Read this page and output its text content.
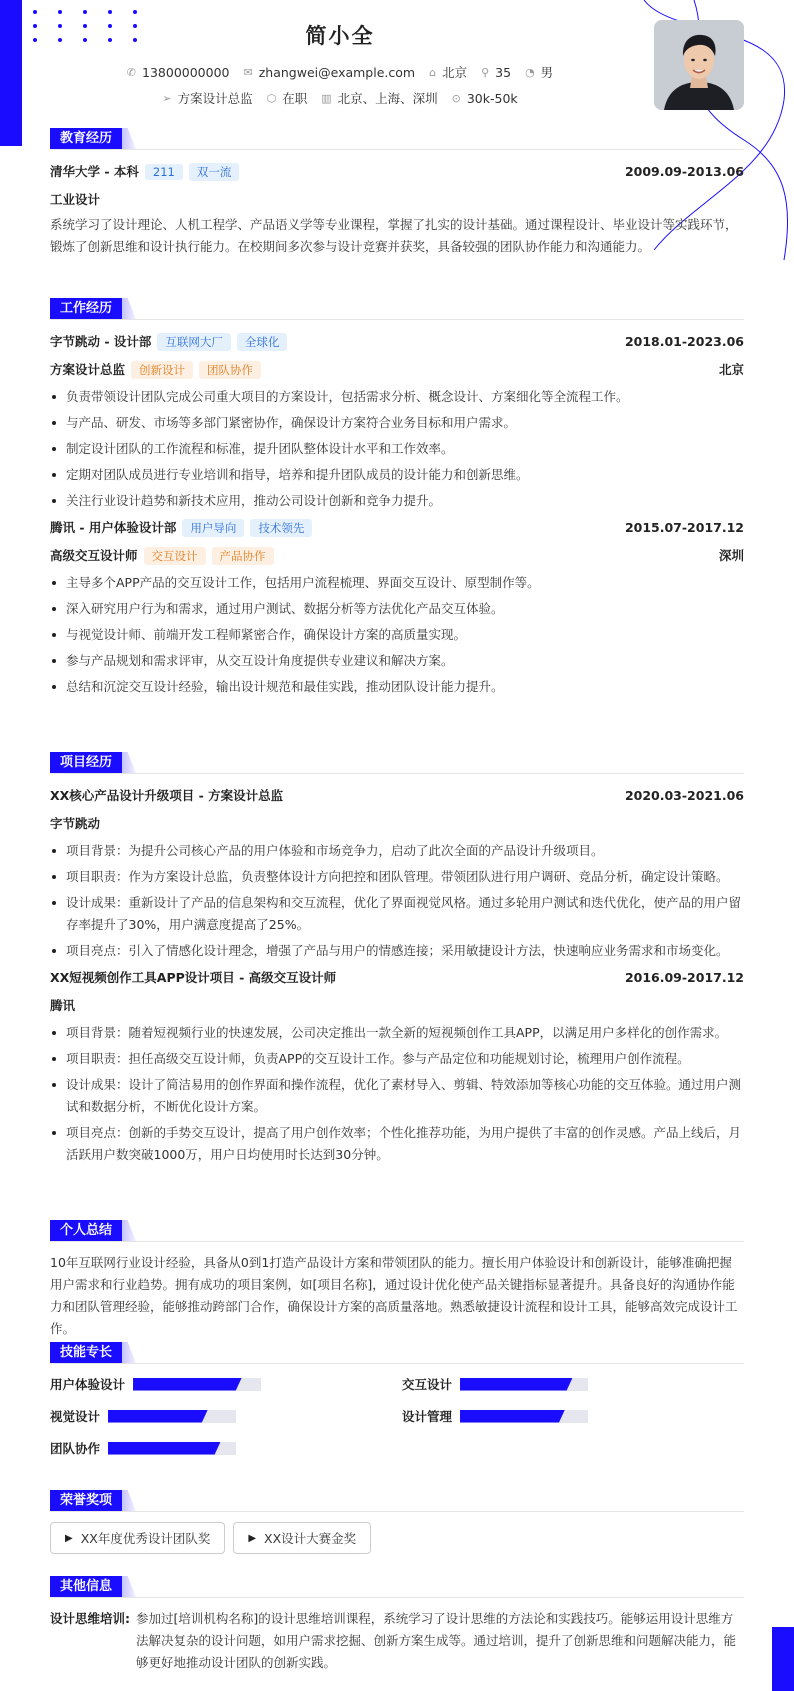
简小全
✆ 13800000000 ✉ zhangwei@example.com ⌂ 北京 ⚲ 35 ◔ 男
➢ 方案设计总监 ⬡ 在职 ▥ 北京、上海、深圳 ⊙ 30k-50k
教育经历
清华大学 - 本科 211 双一流	2009.09-2013.06
工业设计
系统学习了设计理论、人机工程学、产品语义学等专业课程，掌握了扎实的设计基础。通过课程设计、毕业设计等实践环节，锻炼了创新思维和设计执行能力。在校期间多次参与设计竞赛并获奖，具备较强的团队协作能力和沟通能力。
工作经历
字节跳动 - 设计部 互联网大厂 全球化	2018.01-2023.06
方案设计总监 创新设计 团队协作	北京
负责带领设计团队完成公司重大项目的方案设计，包括需求分析、概念设计、方案细化等全流程工作。
与产品、研发、市场等多部门紧密协作，确保设计方案符合业务目标和用户需求。
制定设计团队的工作流程和标准，提升团队整体设计水平和工作效率。
定期对团队成员进行专业培训和指导，培养和提升团队成员的设计能力和创新思维。
关注行业设计趋势和新技术应用，推动公司设计创新和竞争力提升。
腾讯 - 用户体验设计部 用户导向 技术领先	2015.07-2017.12
高级交互设计师 交互设计 产品协作	深圳
主导多个APP产品的交互设计工作，包括用户流程梳理、界面交互设计、原型制作等。
深入研究用户行为和需求，通过用户测试、数据分析等方法优化产品交互体验。
与视觉设计师、前端开发工程师紧密合作，确保设计方案的高质量实现。
参与产品规划和需求评审，从交互设计角度提供专业建议和解决方案。
总结和沉淀交互设计经验，输出设计规范和最佳实践，推动团队设计能力提升。
项目经历
XX核心产品设计升级项目 - 方案设计总监	2020.03-2021.06
字节跳动
项目背景：为提升公司核心产品的用户体验和市场竞争力，启动了此次全面的产品设计升级项目。
项目职责：作为方案设计总监，负责整体设计方向把控和团队管理。带领团队进行用户调研、竞品分析，确定设计策略。
设计成果：重新设计了产品的信息架构和交互流程，优化了界面视觉风格。通过多轮用户测试和迭代优化，使产品的用户留存率提升了30%，用户满意度提高了25%。
项目亮点：引入了情感化设计理念，增强了产品与用户的情感连接；采用敏捷设计方法，快速响应业务需求和市场变化。
XX短视频创作工具APP设计项目 - 高级交互设计师	2016.09-2017.12
腾讯
项目背景：随着短视频行业的快速发展，公司决定推出一款全新的短视频创作工具APP，以满足用户多样化的创作需求。
项目职责：担任高级交互设计师，负责APP的交互设计工作。参与产品定位和功能规划讨论，梳理用户创作流程。
设计成果：设计了简洁易用的创作界面和操作流程，优化了素材导入、剪辑、特效添加等核心功能的交互体验。通过用户测试和数据分析，不断优化设计方案。
项目亮点：创新的手势交互设计，提高了用户创作效率；个性化推荐功能，为用户提供了丰富的创作灵感。产品上线后，月活跃用户数突破1000万，用户日均使用时长达到30分钟。
个人总结
10年互联网行业设计经验，具备从0到1打造产品设计方案和带领团队的能力。擅长用户体验设计和创新设计，能够准确把握用户需求和行业趋势。拥有成功的项目案例，如[项目名称]，通过设计优化使产品关键指标显著提升。具备良好的沟通协作能力和团队管理经验，能够推动跨部门合作，确保设计方案的高质量落地。熟悉敏捷设计流程和设计工具，能够高效完成设计工作。
技能专长
用户体验设计	交互设计
视觉设计	设计管理
团队协作
荣誉奖项
▶ XX年度优秀设计团队奖	▶ XX设计大赛金奖
其他信息
设计思维培训: 参加过[培训机构名称]的设计思维培训课程，系统学习了设计思维的方法论和实践技巧。能够运用设计思维方法解决复杂的设计问题，如用户需求挖掘、创新方案生成等。通过培训，提升了创新思维和问题解决能力，能够更好地推动设计团队的创新实践。
